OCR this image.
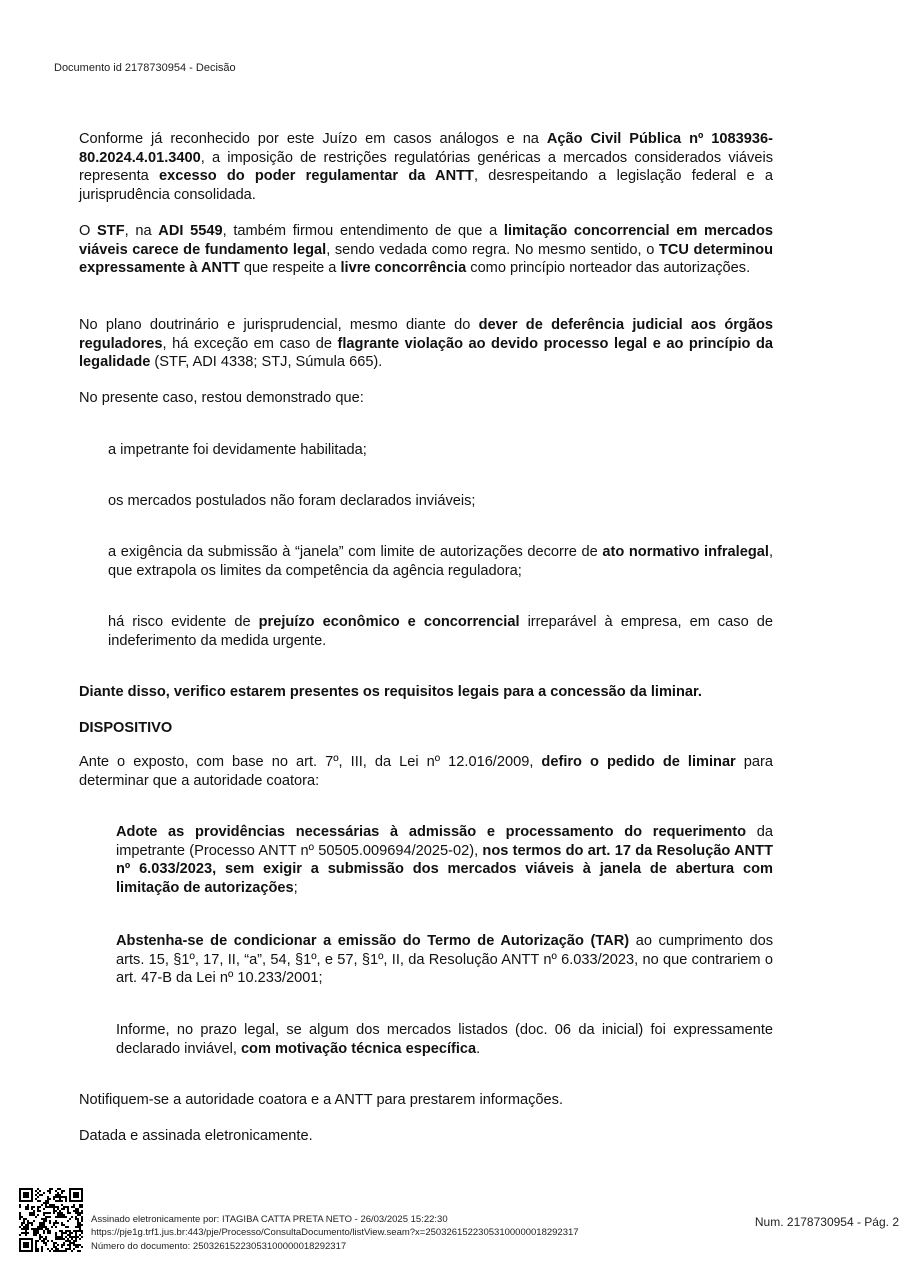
Documento id 2178730954 - Decisão

Conforme já reconhecido por este Juízo em casos análogos e na Ação Civil Pública nº 1083936-80.2024.4.01.3400, a imposição de restrições regulatórias genéricas a mercados considerados viáveis representa excesso do poder regulamentar da ANTT, desrespeitando a legislação federal e a jurisprudência consolidada.

O STF, na ADI 5549, também firmou entendimento de que a limitação concorrencial em mercados viáveis carece de fundamento legal, sendo vedada como regra. No mesmo sentido, o TCU determinou expressamente à ANTT que respeite a livre concorrência como princípio norteador das autorizações.

No plano doutrinário e jurisprudencial, mesmo diante do dever de deferência judicial aos órgãos reguladores, há exceção em caso de flagrante violação ao devido processo legal e ao princípio da legalidade (STF, ADI 4338; STJ, Súmula 665).

No presente caso, restou demonstrado que:

a impetrante foi devidamente habilitada;

os mercados postulados não foram declarados inviáveis;

a exigência da submissão à “janela” com limite de autorizações decorre de ato normativo infralegal, que extrapola os limites da competência da agência reguladora;

há risco evidente de prejuízo econômico e concorrencial irreparável à empresa, em caso de indeferimento da medida urgente.

Diante disso, verifico estarem presentes os requisitos legais para a concessão da liminar.

DISPOSITIVO

Ante o exposto, com base no art. 7º, III, da Lei nº 12.016/2009, defiro o pedido de liminar para determinar que a autoridade coatora:

Adote as providências necessárias à admissão e processamento do requerimento da impetrante (Processo ANTT nº 50505.009694/2025-02), nos termos do art. 17 da Resolução ANTT nº 6.033/2023, sem exigir a submissão dos mercados viáveis à janela de abertura com limitação de autorizações;

Abstenha-se de condicionar a emissão do Termo de Autorização (TAR) ao cumprimento dos arts. 15, §1º, 17, II, “a”, 54, §1º, e 57, §1º, II, da Resolução ANTT nº 6.033/2023, no que contrariem o art. 47-B da Lei nº 10.233/2001;

Informe, no prazo legal, se algum dos mercados listados (doc. 06 da inicial) foi expressamente declarado inviável, com motivação técnica específica.

Notifiquem-se a autoridade coatora e a ANTT para prestarem informações.

Datada e assinada eletronicamente.

Assinado eletronicamente por: ITAGIBA CATTA PRETA NETO - 26/03/2025 15:22:30
https://pje1g.trf1.jus.br:443/pje/Processo/ConsultaDocumento/listView.seam?x=25032615223053100000018292317
Número do documento: 25032615223053100000018292317
Num. 2178730954 - Pág. 2
